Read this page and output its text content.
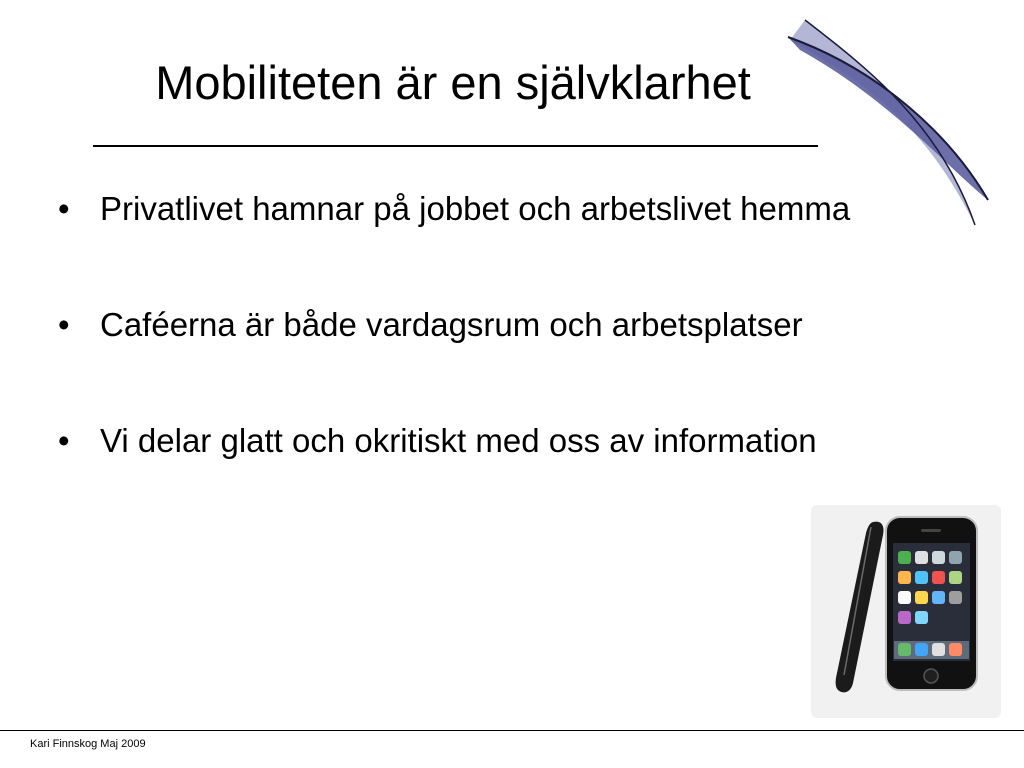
Mobiliteten är en självklarhet
• Privatlivet hamnar på jobbet och arbetslivet hemma
• Caféerna är både vardagsrum och arbetsplatser
• Vi delar glatt och okritiskt med oss av information
Kari Finnskog Maj 2009
